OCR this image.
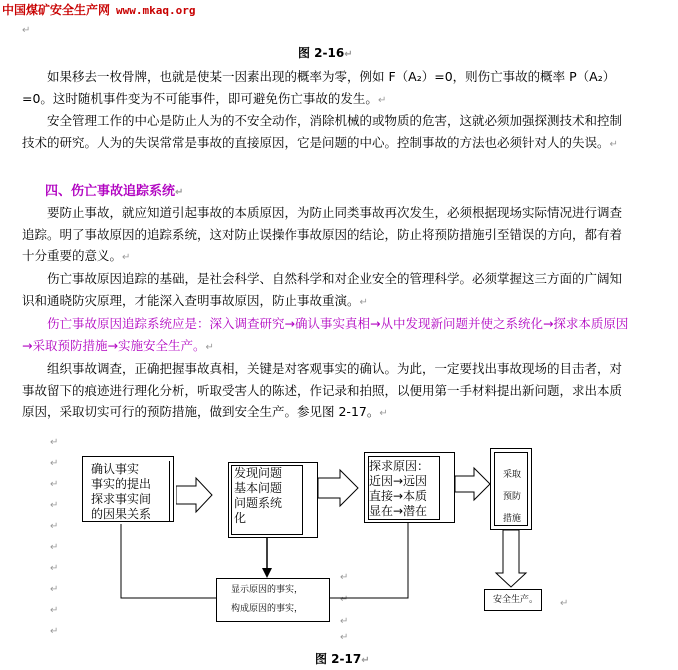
中国煤矿安全生产网 www.mkaq.org
↵
图 2-16↵
如果移去一枚骨牌，也就是使某一因素出现的概率为零，例如 F（A₂）=0，则伤亡事故的概率 P（A₂）=0。这时随机事件变为不可能事件，即可避免伤亡事故的发生。↵
安全管理工作的中心是防止人为的不安全动作，消除机械的或物质的危害，这就必须加强探测技术和控制技术的研究。人为的失误常常是事故的直接原因，它是问题的中心。控制事故的方法也必须针对人的失误。↵
四、伤亡事故追踪系统↵
要防止事故，就应知道引起事故的本质原因，为防止同类事故再次发生，必须根据现场实际情况进行调查追踪。明了事故原因的追踪系统，这对防止误操作事故原因的结论，防止将预防措施引至错误的方向，都有着十分重要的意义。↵
伤亡事故原因追踪的基础，是社会科学、自然科学和对企业安全的管理科学。必须掌握这三方面的广阔知识和通晓防灾原理，才能深入查明事故原因，防止事故重演。↵
伤亡事故原因追踪系统应是：深入调查研究→确认事实真相→从中发现新问题并使之系统化→探求本质原因→采取预防措施→实施安全生产。↵
组织事故调查，正确把握事故真相，关键是对客观事实的确认。为此，一定要找出事故现场的目击者，对事故留下的痕迹进行理化分析，听取受害人的陈述，作记录和拍照，以便用第一手材料提出新问题，求出本质原因，采取切实可行的预防措施，做到安全生产。参见图 2-17。↵
↵
↵
↵
↵
↵
↵
↵
↵
↵
↵
↵
↵
↵
↵
↵
确认事实
事实的提出
探求事实间
的因果关系
发现问题
基本问题
问题系统
化
探求原因：
近因→远因
直接→本质
显在→潜在
采取
预防
措施
显示原因的事实，
构成原因的事实，
安全生产。
图 2-17↵
